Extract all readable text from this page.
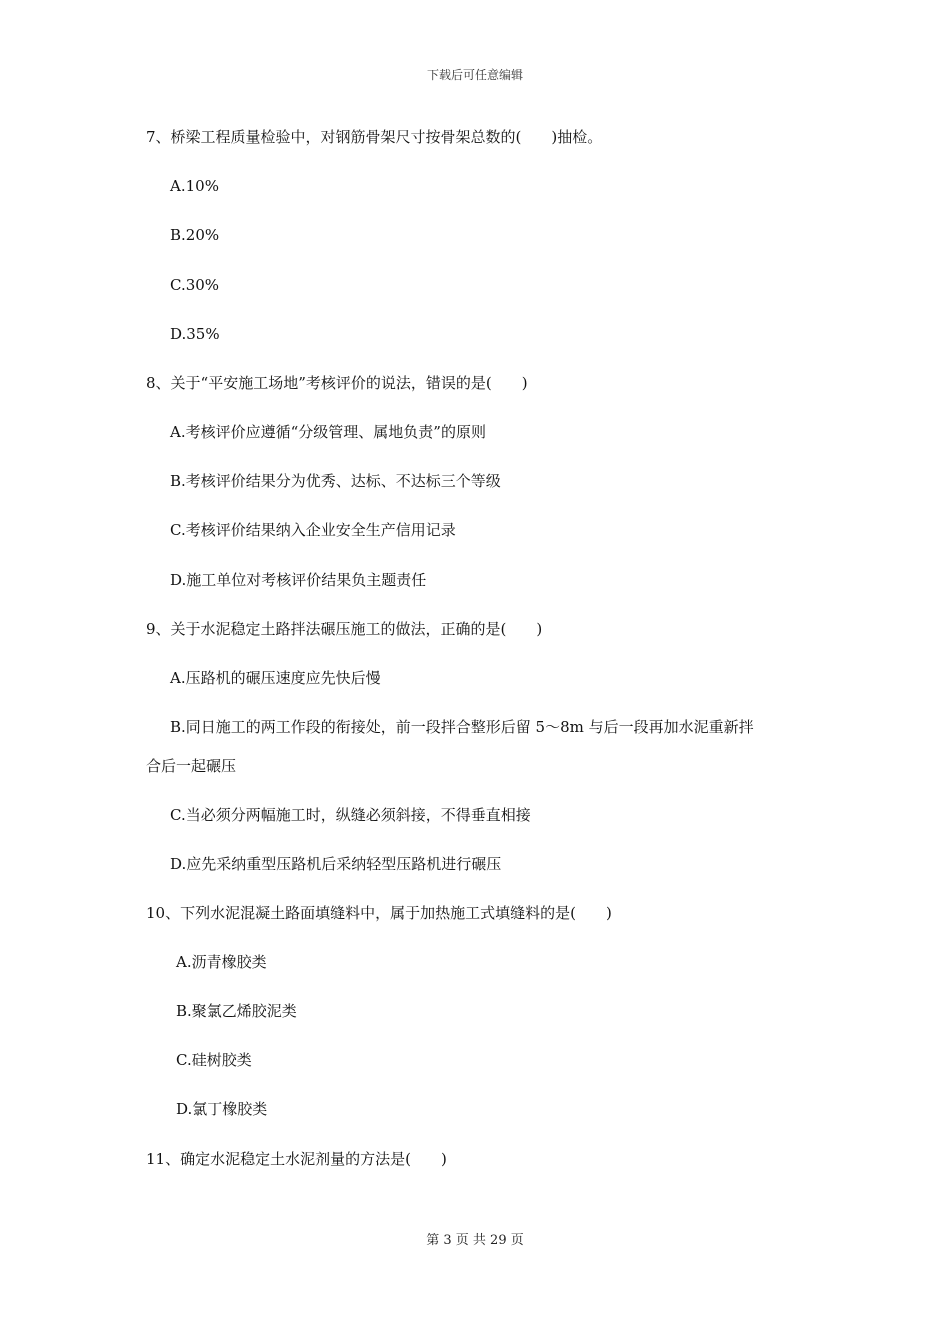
下载后可任意编辑
7、桥梁工程质量检验中，对钢筋骨架尺寸按骨架总数的(　　)抽检。
A.10%
B.20%
C.30%
D.35%
8、关于“平安施工场地”考核评价的说法，错误的是(　　)
A.考核评价应遵循“分级管理、属地负责”的原则
B.考核评价结果分为优秀、达标、不达标三个等级
C.考核评价结果纳入企业安全生产信用记录
D.施工单位对考核评价结果负主题责任
9、关于水泥稳定土路拌法碾压施工的做法，正确的是(　　)
A.压路机的碾压速度应先快后慢
B.同日施工的两工作段的衔接处，前一段拌合整形后留 5～8m 与后一段再加水泥重新拌
合后一起碾压
C.当必须分两幅施工时，纵缝必须斜接，不得垂直相接
D.应先采纳重型压路机后采纳轻型压路机进行碾压
10、下列水泥混凝土路面填缝料中，属于加热施工式填缝料的是(　　)
A.沥青橡胶类
B.聚氯乙烯胶泥类
C.硅树胶类
D.氯丁橡胶类
11、确定水泥稳定土水泥剂量的方法是(　　)
第 3 页 共 29 页
